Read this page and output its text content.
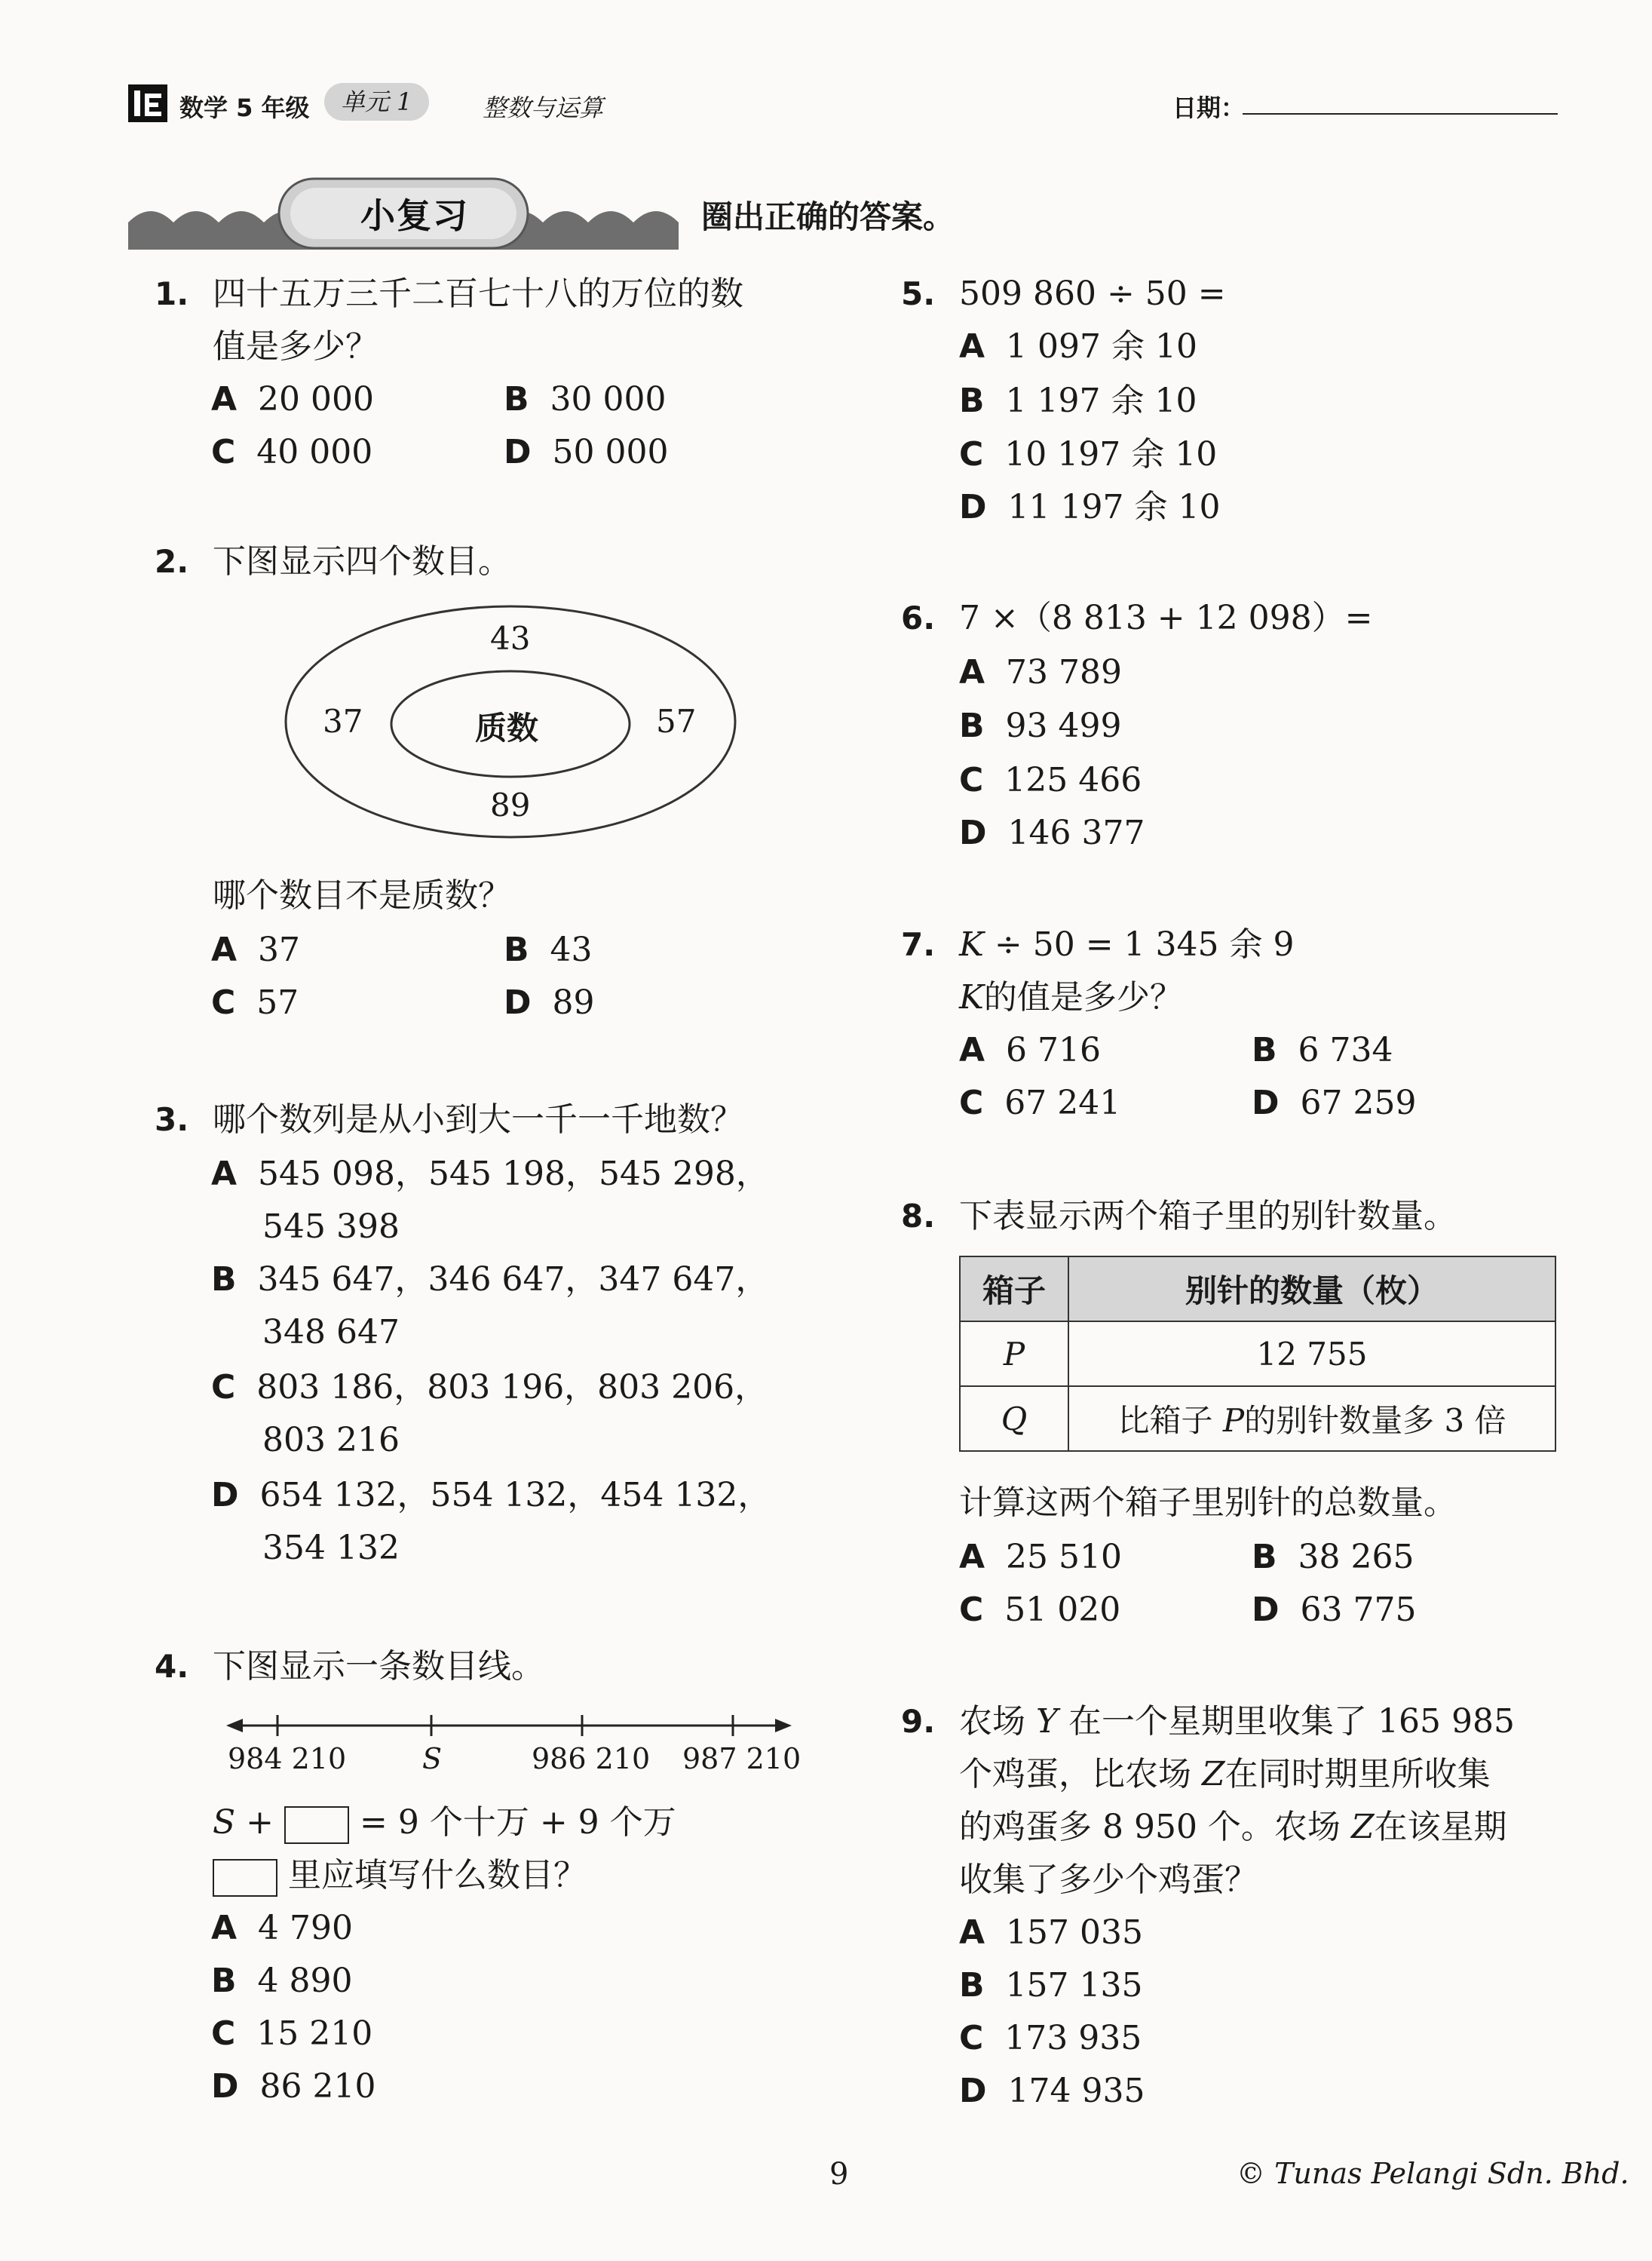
数学 5 年级	单元 1	整数与运算	日期：
小复习	圈出正确的答案。
1. 四十五万三千二百七十八的万位的数
值是多少？
A 20 000	B 30 000
C 40 000	D 50 000
2. 下图显示四个数目。
43
37	质数	57
89
哪个数目不是质数？
A 37	B 43
C 57	D 89
3. 哪个数列是从小到大一千一千地数？
A 545 098，545 198，545 298，
545 398
B 345 647，346 647，347 647，
348 647
C 803 186，803 196，803 206，
803 216
D 654 132，554 132，454 132，
354 132
4. 下图显示一条数目线。
984 210	S	986 210 987 210
S +	= 9 个十万 + 9 个万
里应填写什么数目？
A 4 790
B 4 890
C 15 210
D 86 210
5. 509 860 ÷ 50 =
A 1 097 余 10
B 1 197 余 10
C 10 197 余 10
D 11 197 余 10
6. 7 ×（8 813 + 12 098）=
A 73 789
B 93 499
C 125 466
D 146 377
7. K ÷ 50 = 1 345 余 9
K的值是多少？
A 6 716	B 6 734
C 67 241	D 67 259
8. 下表显示两个箱子里的别针数量。
箱子	别针的数量（枚）
P	12 755
Q	比箱子 P的别针数量多 3 倍
计算这两个箱子里别针的总数量。
A 25 510	B 38 265
C 51 020	D 63 775
9. 农场 Y 在一个星期里收集了 165 985
个鸡蛋，比农场 Z在同时期里所收集
的鸡蛋多 8 950 个。农场 Z在该星期
收集了多少个鸡蛋？
A 157 035
B 157 135
C 173 935
D 174 935
9	© Tunas Pelangi Sdn. Bhd.
